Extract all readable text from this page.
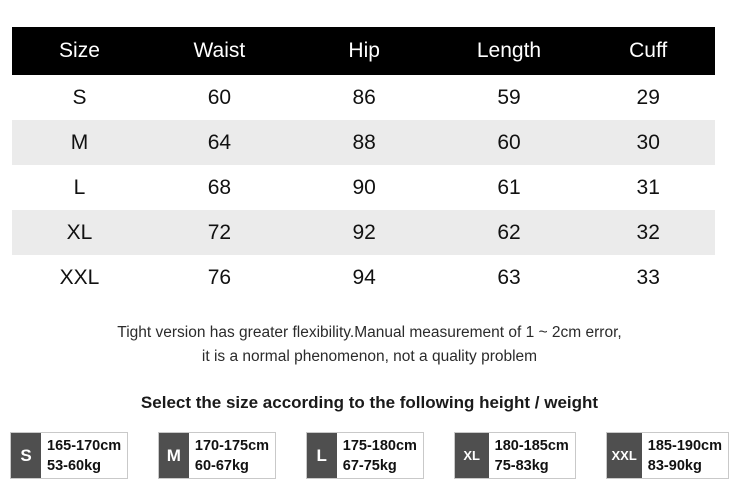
Size	Waist	Hip	Length	Cuff
S	60	86	59	29
M	64	88	60	30
L	68	90	61	31
XL	72	92	62	32
XXL	76	94	63	33
Tight version has greater flexibility.Manual measurement of 1 ~ 2cm error,
it is a normal phenomenon, not a quality problem
Select the size according to the following height / weight
S	165-170cm
53-60kg
M 170-175cm
60-67kg
L	175-180cm
67-75kg
XL
180-185cm
75-83kg
XXL
185-190cm
83-90kg
